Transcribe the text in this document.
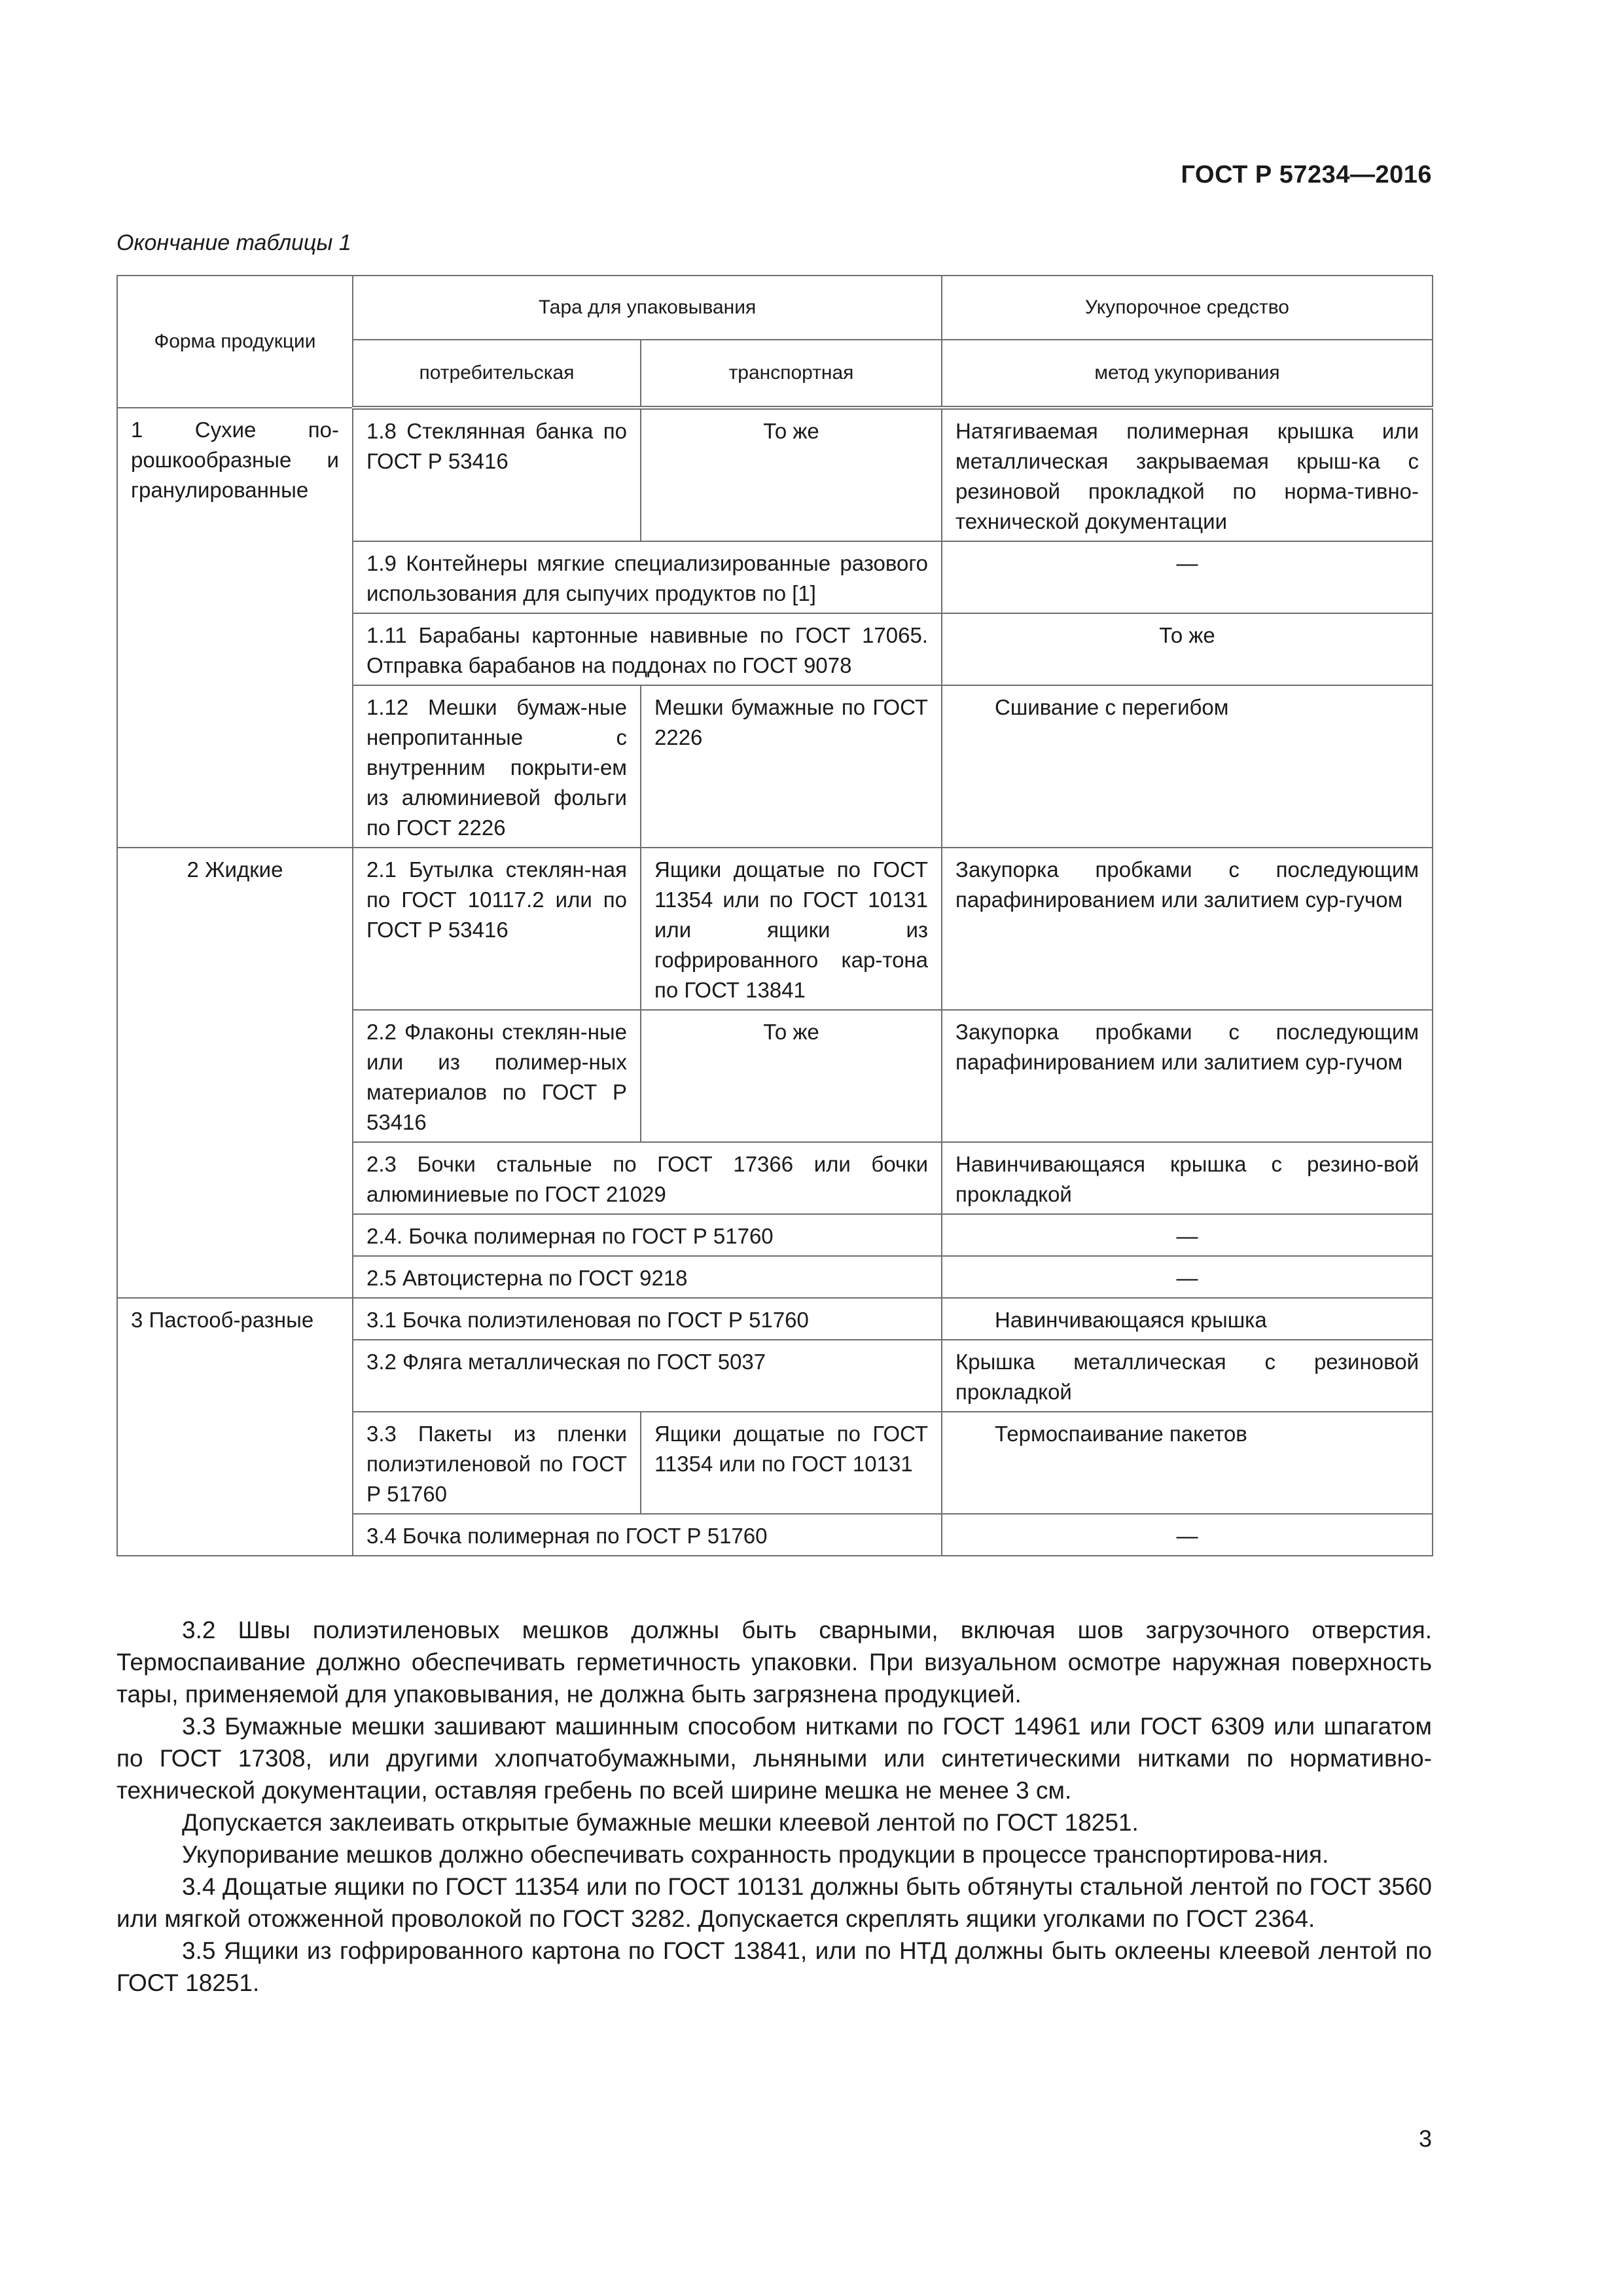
ГОСТ Р 57234—2016
Окончание таблицы 1
Форма продукции	Тара для упаковывания		Укупорочное средство
	потребительская	транспортная	метод укупоривания
1 Сухие по-рошкообразные и гранулированные	1.8 Стеклянная банка по ГОСТ Р 53416	То же	Натягиваемая полимерная крышка или металлическая закрываемая крыш-ка с резиновой прокладкой по норма-тивно-технической документации
	1.9 Контейнеры мягкие специализированные разового использования для сыпучих продуктов по [1]		—
	1.11 Барабаны картонные навивные по ГОСТ 17065. Отправка барабанов на поддонах по ГОСТ 9078		То же
	1.12 Мешки бумаж-ные непропитанные с внутренним покрыти-ем из алюминиевой фольги по ГОСТ 2226	Мешки бумажные по ГОСТ 2226	Сшивание с перегибом
2 Жидкие	2.1 Бутылка стеклян-ная по ГОСТ 10117.2 или по ГОСТ Р 53416	Ящики дощатые по ГОСТ 11354 или по ГОСТ 10131 или ящики из гофрированного кар-тона по ГОСТ 13841	Закупорка пробками с последующим парафинированием или залитием сур-гучом
	2.2 Флаконы стеклян-ные или из полимер-ных материалов по ГОСТ Р 53416	То же	Закупорка пробками с последующим парафинированием или залитием сур-гучом
	2.3 Бочки стальные по ГОСТ 17366 или бочки алюминиевые по ГОСТ 21029		Навинчивающаяся крышка с резино-вой прокладкой
	2.4. Бочка полимерная по ГОСТ Р 51760		—
	2.5 Автоцистерна по ГОСТ 9218		—
3 Пастооб-разные	3.1 Бочка полиэтиленовая по ГОСТ Р 51760		Навинчивающаяся крышка
	3.2 Фляга металлическая по ГОСТ 5037		Крышка металлическая с резиновой прокладкой
	3.3 Пакеты из пленки полиэтиленовой по ГОСТ Р 51760	Ящики дощатые по ГОСТ 11354 или по ГОСТ 10131	Термоспаивание пакетов
	3.4 Бочка полимерная по ГОСТ Р 51760		—

3.2 Швы полиэтиленовых мешков должны быть сварными, включая шов загрузочного отверстия. Термоспаивание должно обеспечивать герметичность упаковки. При визуальном осмотре наружная поверхность тары, применяемой для упаковывания, не должна быть загрязнена продукцией.

3.3 Бумажные мешки зашивают машинным способом нитками по ГОСТ 14961 или ГОСТ 6309 или шпагатом по ГОСТ 17308, или другими хлопчатобумажными, льняными или синтетическими нитками по нормативно-технической документации, оставляя гребень по всей ширине мешка не менее 3 см.

Допускается заклеивать открытые бумажные мешки клеевой лентой по ГОСТ 18251.

Укупоривание мешков должно обеспечивать сохранность продукции в процессе транспортирова-ния.

3.4 Дощатые ящики по ГОСТ 11354 или по ГОСТ 10131 должны быть обтянуты стальной лентой по ГОСТ 3560 или мягкой отожженной проволокой по ГОСТ 3282. Допускается скреплять ящики уголками по ГОСТ 2364.

3.5 Ящики из гофрированного картона по ГОСТ 13841, или по НТД должны быть оклеены клеевой лентой по ГОСТ 18251.

3
